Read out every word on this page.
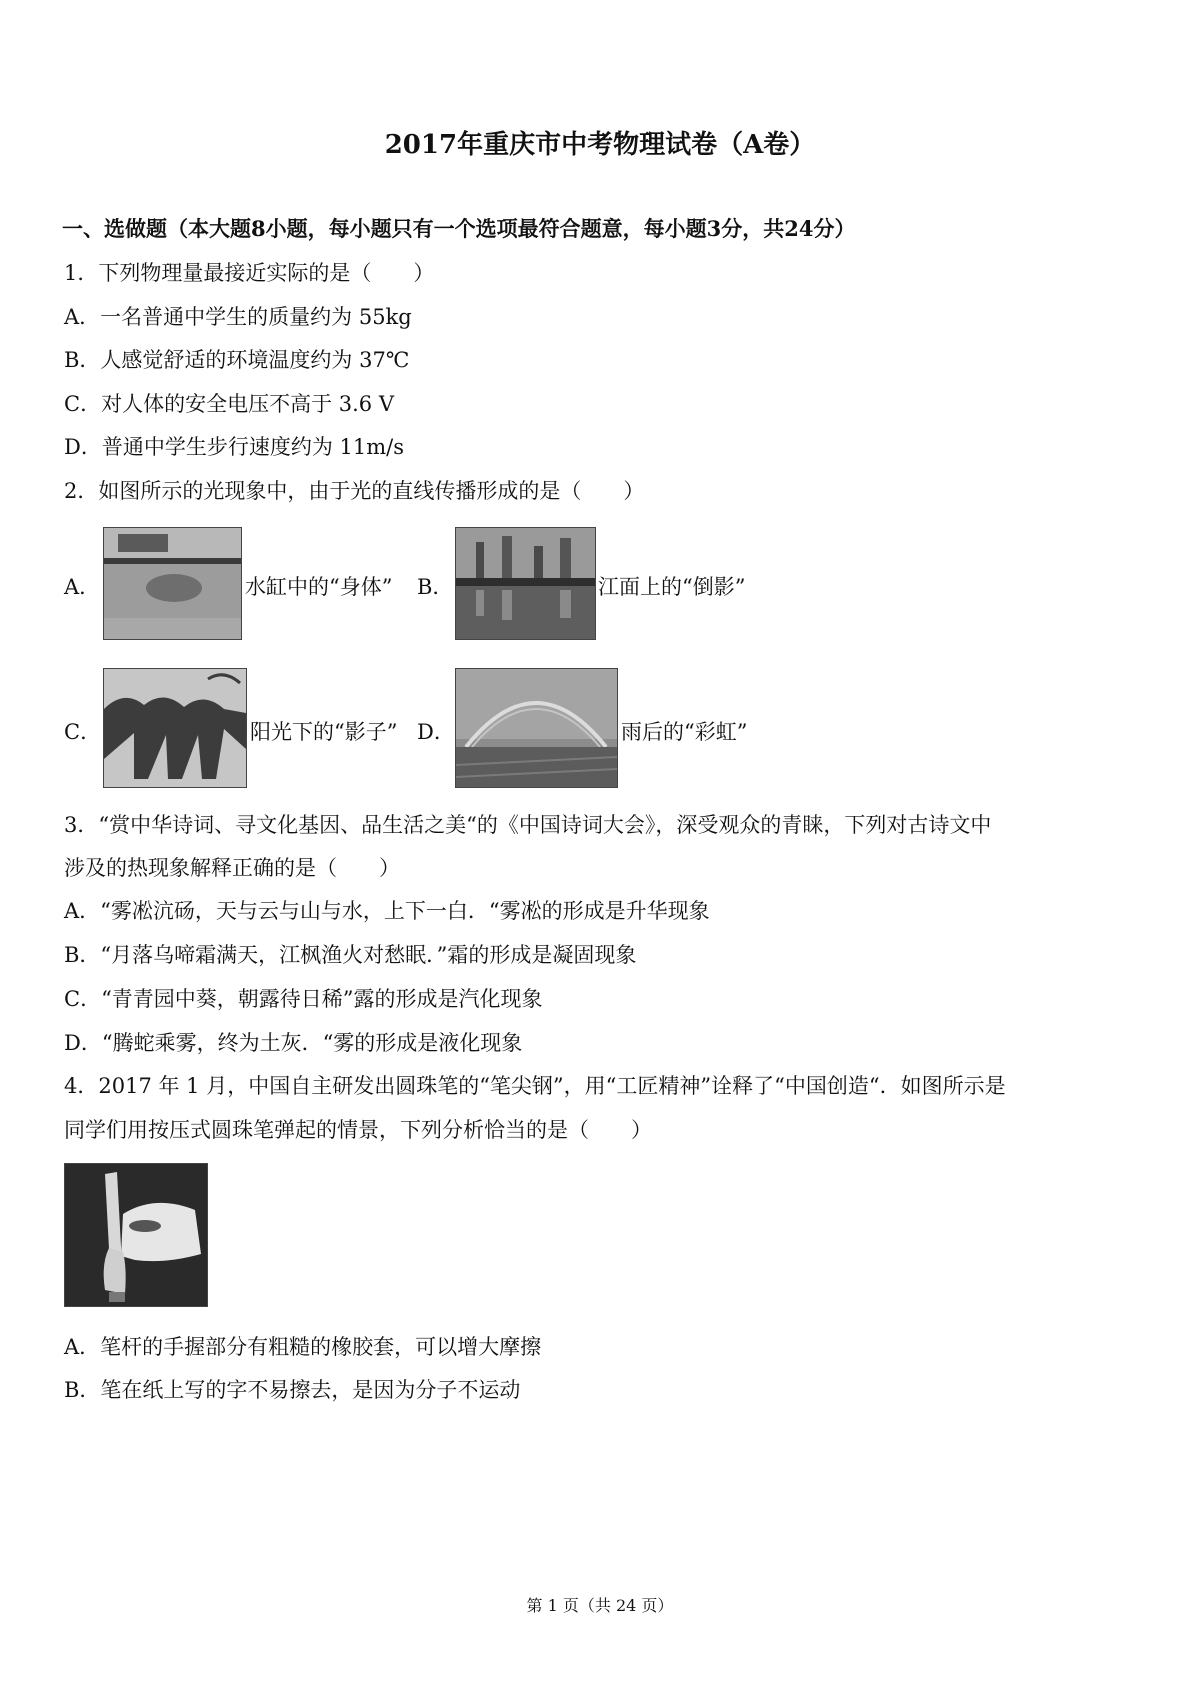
2017年重庆市中考物理试卷（A卷）
一、选做题（本大题8小题，每小题只有一个选项最符合题意，每小题3分，共24分）
1．下列物理量最接近实际的是（　　）
A．一名普通中学生的质量约为 55kg
B．人感觉舒适的环境温度约为 37℃
C．对人体的安全电压不高于 3.6 V
D．普通中学生步行速度约为 11m/s
2．如图所示的光现象中，由于光的直线传播形成的是（　　）
A．	水缸中的“身体” B．	江面上的“倒影”
C．	阳光下的“影子” D．	雨后的“彩虹”
3．“赏中华诗词、寻文化基因、品生活之美“的《中国诗词大会》，深受观众的青睐，下列对古诗文中
涉及的热现象解释正确的是（　　）
A．“雾凇沆砀，天与云与山与水，上下一白．“雾凇的形成是升华现象
B．“月落乌啼霜满天，江枫渔火对愁眠．”霜的形成是凝固现象
C．“青青园中葵，朝露待日稀”露的形成是汽化现象
D．“腾蛇乘雾，终为土灰．“雾的形成是液化现象
4．2017 年 1 月，中国自主研发出圆珠笔的“笔尖钢”，用“工匠精神”诠释了“中国创造“．如图所示是
同学们用按压式圆珠笔弹起的情景，下列分析恰当的是（　　）
A．笔杆的手握部分有粗糙的橡胶套，可以增大摩擦
B．笔在纸上写的字不易擦去，是因为分子不运动
第 1 页（共 24 页）
